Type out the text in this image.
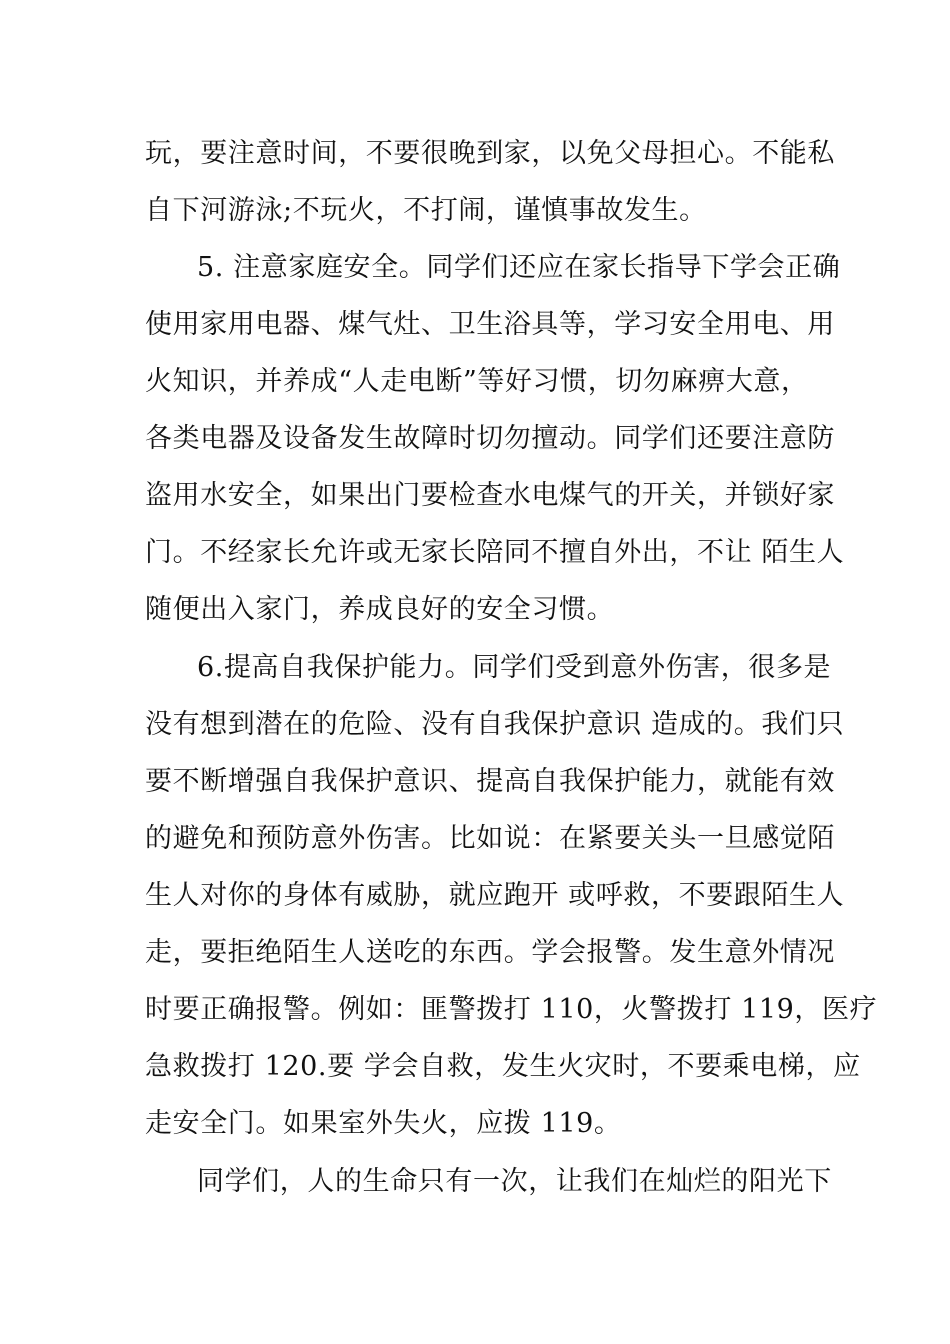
玩，要注意时间，不要很晚到家，以免父母担心。不能私
自下河游泳;不玩火，不打闹，谨慎事故发生。
5. 注意家庭安全。同学们还应在家长指导下学会正确
使用家用电器、煤气灶、卫生浴具等，学习安全用电、用
火知识，并养成“人走电断”等好习惯，切勿麻痹大意，
各类电器及设备发生故障时切勿擅动。同学们还要注意防
盗用水安全，如果出门要检查水电煤气的开关，并锁好家
门。不经家长允许或无家长陪同不擅自外出，不让 陌生人
随便出入家门，养成良好的安全习惯。
6.提高自我保护能力。同学们受到意外伤害，很多是
没有想到潜在的危险、没有自我保护意识 造成的。我们只
要不断增强自我保护意识、提高自我保护能力，就能有效
的避免和预防意外伤害。比如说：在紧要关头一旦感觉陌
生人对你的身体有威胁，就应跑开 或呼救，不要跟陌生人
走，要拒绝陌生人送吃的东西。学会报警。发生意外情况
时要正确报警。例如：匪警拨打 110，火警拨打 119，医疗
急救拨打 120.要 学会自救，发生火灾时，不要乘电梯，应
走安全门。如果室外失火，应拨 119。
同学们，人的生命只有一次，让我们在灿烂的阳光下
